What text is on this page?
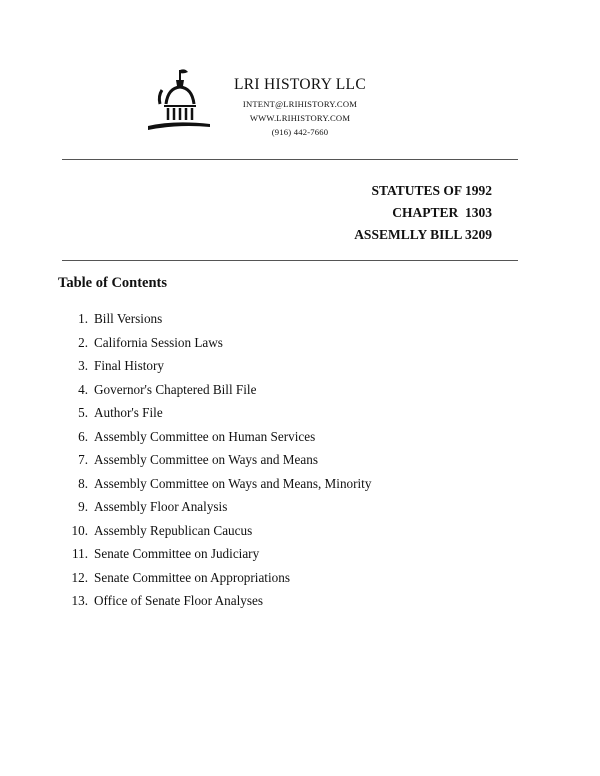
LRI HISTORY LLC

INTENT@LRIHISTORY.COM

WWW.LRIHISTORY.COM

(916) 442-7660

STATUTES OF 1992

CHAPTER  1303

ASSEMLLY BILL 3209

Table of Contents

1. Bill Versions
2. California Session Laws
3. Final History
4. Governor's Chaptered Bill File
5. Author's File
6. Assembly Committee on Human Services
7. Assembly Committee on Ways and Means
8. Assembly Committee on Ways and Means, Minority
9. Assembly Floor Analysis
10. Assembly Republican Caucus
11. Senate Committee on Judiciary
12. Senate Committee on Appropriations
13. Office of Senate Floor Analyses
